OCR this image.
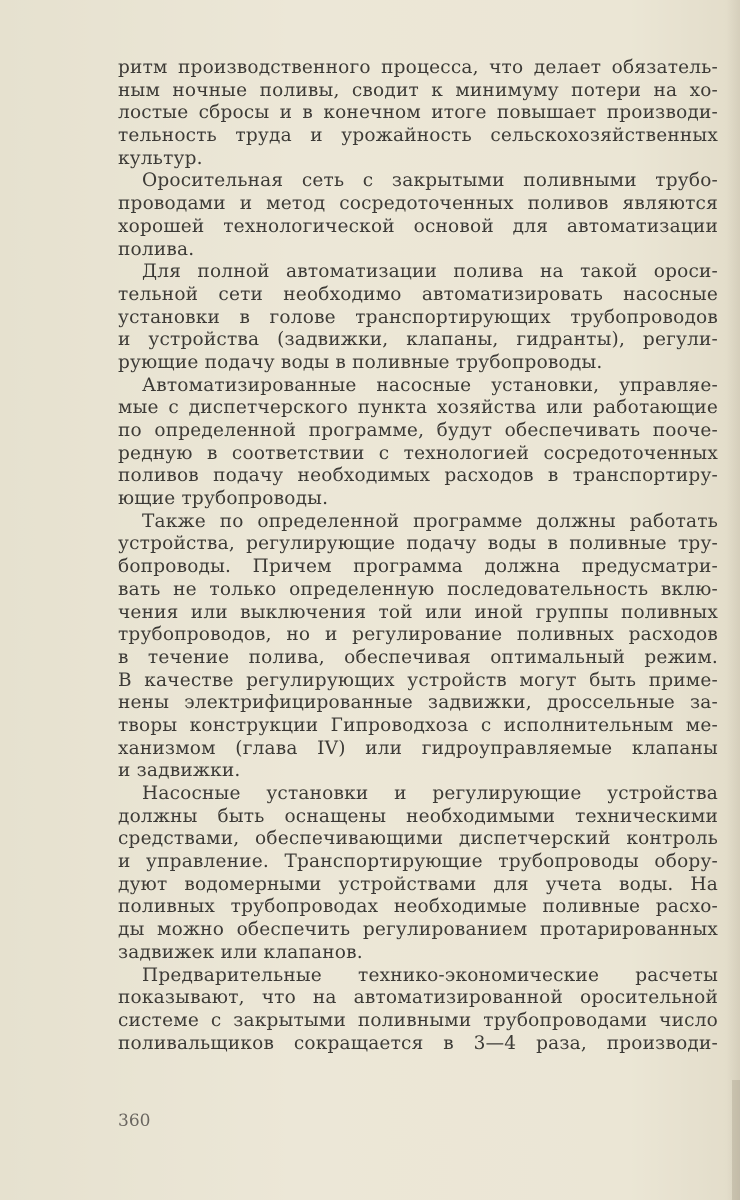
ритм производственного процесса, что делает обязатель-
ным ночные поливы, сводит к минимуму потери на хо-
лостые сбросы и в конечном итоге повышает производи-
тельность труда и урожайность сельскохозяйственных
культур.
Оросительная сеть с закрытыми поливными трубо-
проводами и метод сосредоточенных поливов являются
хорошей технологической основой для автоматизации
полива.
Для полной автоматизации полива на такой ороси-
тельной сети необходимо автоматизировать насосные
установки в голове транспортирующих трубопроводов
и устройства (задвижки, клапаны, гидранты), регули-
рующие подачу воды в поливные трубопроводы.
Автоматизированные насосные установки, управляе-
мые с диспетчерского пункта хозяйства или работающие
по определенной программе, будут обеспечивать пооче-
редную в соответствии с технологией сосредоточенных
поливов подачу необходимых расходов в транспортиру-
ющие трубопроводы.
Также по определенной программе должны работать
устройства, регулирующие подачу воды в поливные тру-
бопроводы. Причем программа должна предусматри-
вать не только определенную последовательность вклю-
чения или выключения той или иной группы поливных
трубопроводов, но и регулирование поливных расходов
в течение полива, обеспечивая оптимальный режим.
В качестве регулирующих устройств могут быть приме-
нены электрифицированные задвижки, дроссельные за-
творы конструкции Гипроводхоза с исполнительным ме-
ханизмом (глава IV) или гидроуправляемые клапаны
и задвижки.
Насосные установки и регулирующие устройства
должны быть оснащены необходимыми техническими
средствами, обеспечивающими диспетчерский контроль
и управление. Транспортирующие трубопроводы обору-
дуют водомерными устройствами для учета воды. На
поливных трубопроводах необходимые поливные расхо-
ды можно обеспечить регулированием протарированных
задвижек или клапанов.
Предварительные технико-экономические расчеты
показывают, что на автоматизированной оросительной
системе с закрытыми поливными трубопроводами число
поливальщиков сокращается в 3—4 раза, производи-
360
